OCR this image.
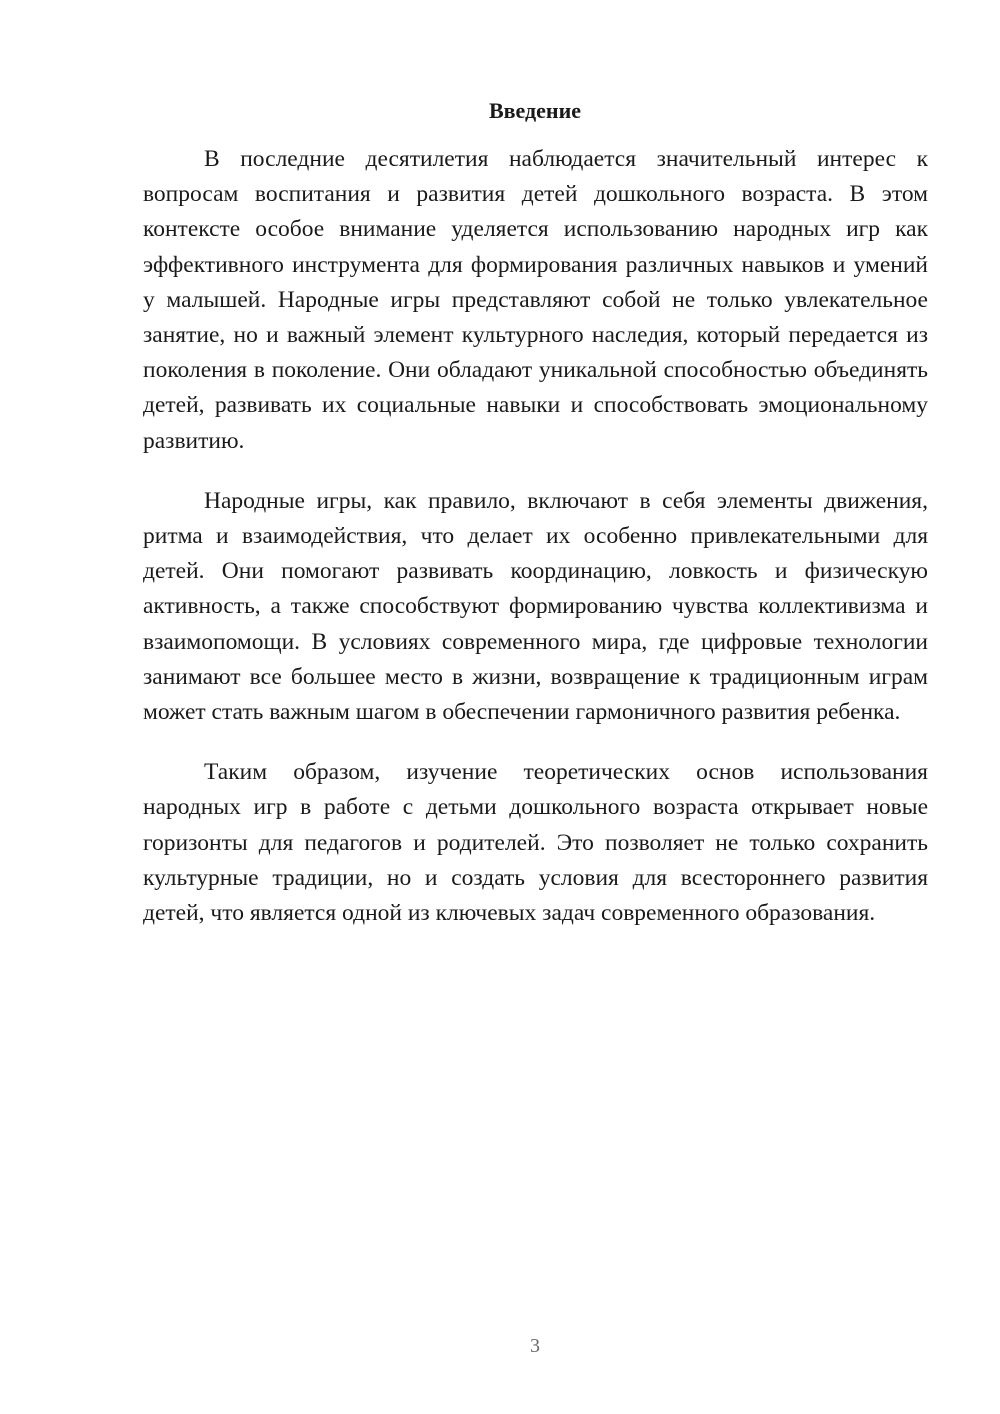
Введение

В последние десятилетия наблюдается значительный интерес к вопросам воспитания и развития детей дошкольного возраста. В этом контексте особое внимание уделяется использованию народных игр как эффективного инструмента для формирования различных навыков и умений у малышей. Народные игры представляют собой не только увлекательное занятие, но и важный элемент культурного наследия, который передается из поколения в поколение. Они обладают уникальной способностью объединять детей, развивать их социальные навыки и способствовать эмоциональному развитию.

Народные игры, как правило, включают в себя элементы движения, ритма и взаимодействия, что делает их особенно привлекательными для детей. Они помогают развивать координацию, ловкость и физическую активность, а также способствуют формированию чувства коллективизма и взаимопомощи. В условиях современного мира, где цифровые технологии занимают все большее место в жизни, возвращение к традиционным играм может стать важным шагом в обеспечении гармоничного развития ребенка.

Таким образом, изучение теоретических основ использования народных игр в работе с детьми дошкольного возраста открывает новые горизонты для педагогов и родителей. Это позволяет не только сохранить культурные традиции, но и создать условия для всестороннего развития детей, что является одной из ключевых задач современного образования.

3
